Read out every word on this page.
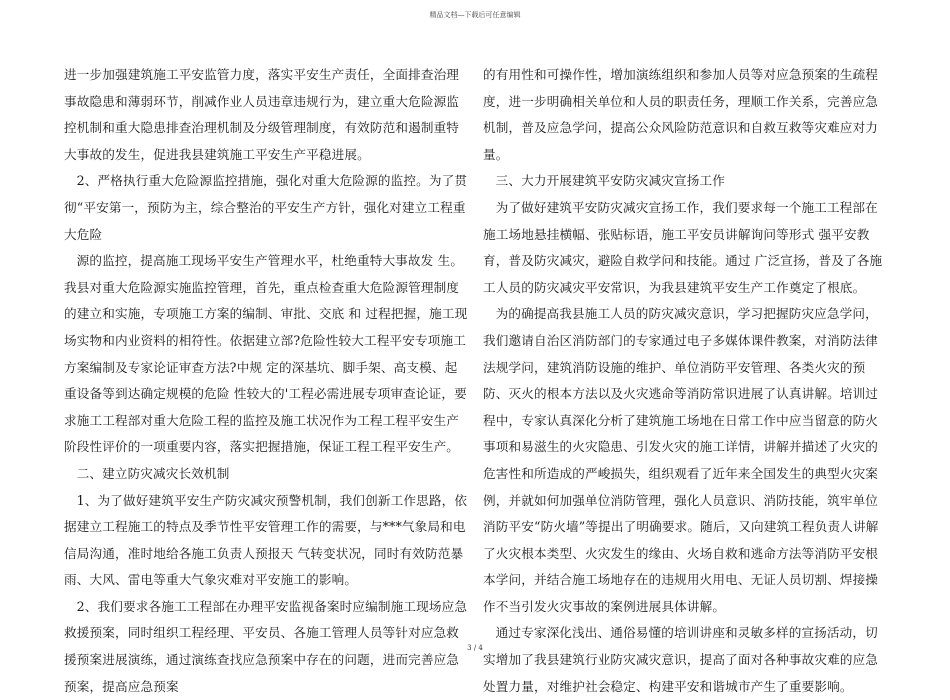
精品文档—下载后可任意编辑

进一步加强建筑施工平安监管力度，落实平安生产责任，全面排查治理事故隐患和薄弱环节，削减作业人员违章违规行为，建立重大危险源监控机制和重大隐患排查治理机制及分级管理制度，有效防范和遏制重特大事故的发生，促进我县建筑施工平安生产平稳进展。

2、严格执行重大危险源监控措施，强化对重大危险源的监控。为了贯彻“平安第一，预防为主，综合整治的平安生产方针，强化对建立工程重大危险

源的监控，提高施工现场平安生产管理水平，杜绝重特大事故发 生。我县对重大危险源实施监控管理，首先，重点检查重大危险源管理制度的建立和实施，专项施工方案的编制、审批、交底 和 过程把握，施工现场实物和内业资料的相符性。依据建立部?危险性较大工程平安专项施工方案编制及专家论证审查方法?中规 定的深基坑、脚手架、高支模、起重设备等到达确定规模的危险 性较大的'工程必需进展专项审查论证，要求施工工程部对重大危险工程的监控及施工状况作为工程工程平安生产阶段性评价的一项重要内容，落实把握措施，保证工程工程平安生产。

二、建立防灾减灾长效机制

1、为了做好建筑平安生产防灾减灾预警机制，我们创新工作思路，依据建立工程施工的特点及季节性平安管理工作的需要，与***气象局和电信局沟通，准时地给各施工负责人预报天 气转变状况，同时有效防范暴雨、大风、雷电等重大气象灾难对平安施工的影响。

2、我们要求各施工工程部在办理平安监视备案时应编制施工现场应急救援预案，同时组织工程经理、平安员、各施工管理人员等针对应急救援预案进展演练，通过演练查找应急预案中存在的问题，进而完善应急预案，提高应急预案

的有用性和可操作性，增加演练组织和参加人员等对应急预案的生疏程度，进一步明确相关单位和人员的职责任务，理顺工作关系，完善应急机制，普及应急学问，提高公众风险防范意识和自救互救等灾难应对力量。

三、大力开展建筑平安防灾减灾宣扬工作

为了做好建筑平安防灾减灾宣扬工作，我们要求每一个施工工程部在施工场地悬挂横幅、张贴标语，施工平安员讲解询问等形式 强平安教育，普及防灾减灾，避险自救学问和技能。通过 广泛宣扬，普及了各施工人员的防灾减灾平安常识，为我县建筑平安生产工作奠定了根底。

为的确提高我县施工人员的防灾减灾意识，学习把握防灾应急学问，我们邀请自治区消防部门的专家通过电子多媒体课件教案，对消防法律法规学问，建筑消防设施的维护、单位消防平安管理、各类火灾的预防、灭火的根本方法以及火灾逃命等消防常识进展了认真讲解。培训过程中，专家认真深化分析了建筑施工场地在日常工作中应当留意的防火事项和易滋生的火灾隐患、引发火灾的施工详情，讲解并描述了火灾的危害性和所造成的严峻损失，组织观看了近年来全国发生的典型火灾案例，并就如何加强单位消防管理，强化人员意识、消防技能，筑牢单位消防平安“防火墙”等提出了明确要求。随后，又向建筑工程负责人讲解了火灾根本类型、火灾发生的缘由、火场自救和逃命方法等消防平安根本学问，并结合施工场地存在的违规用火用电、无证人员切割、焊接操作不当引发火灾事故的案例进展具体讲解。

通过专家深化浅出、通俗易懂的培训讲座和灵敏多样的宣扬活动，切实增加了我县建筑行业防灾减灾意识，提高了面对各种事故灾难的应急处置力量，对维护社会稳定、构建平安和谐城市产生了重要影响。

3 / 4
